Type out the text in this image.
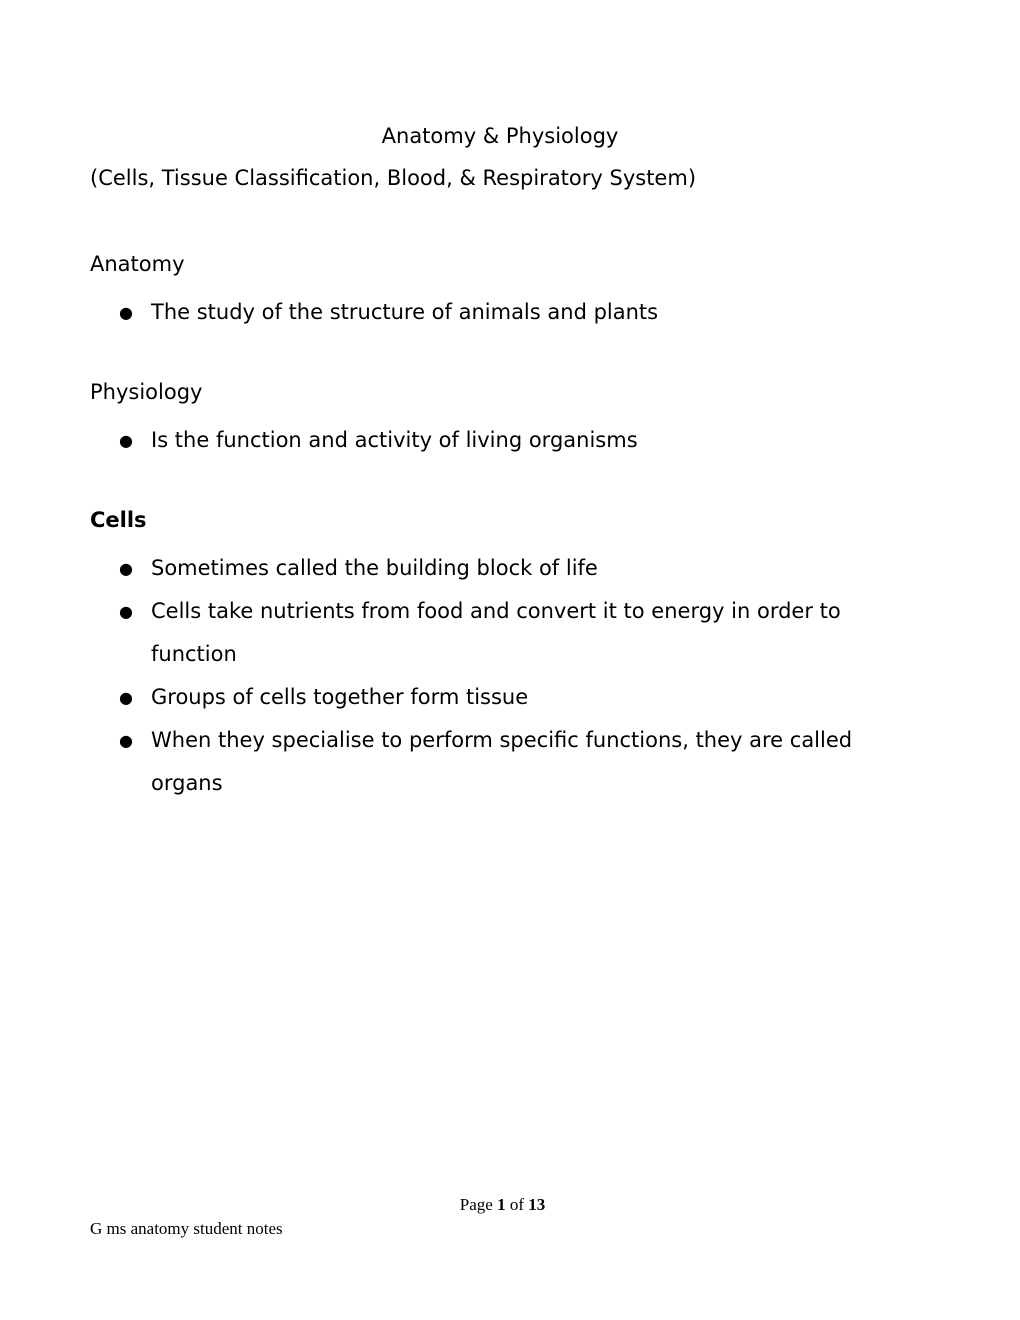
Anatomy & Physiology

(Cells, Tissue Classification, Blood, & Respiratory System)

Anatomy
● The study of the structure of animals and plants
Physiology
● Is the function and activity of living organisms
Cells
● Sometimes called the building block of life
● Cells take nutrients from food and convert it to energy in order to function
● Groups of cells together form tissue
● When they specialise to perform specific functions, they are called organs
Page 1 of 13
G ms anatomy student notes
